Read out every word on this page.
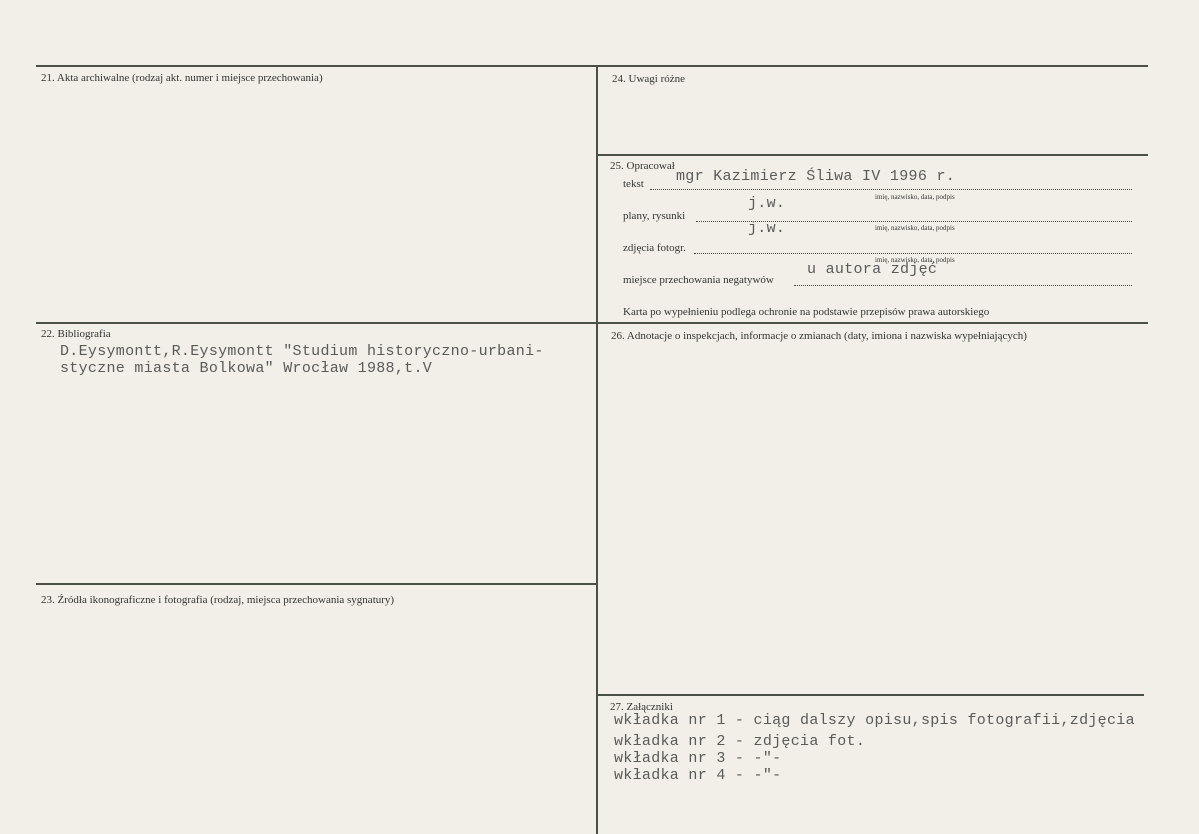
21. Akta archiwalne (rodzaj akt. numer i miejsce przechowania)	24. Uwagi różne
25. Opracował
tekst mgr Kazimierz Śliwa IV 1996 r.
imię, nazwisko, data, podpis
plany, rysunki
j.w.
imię, nazwisko, data, podpis
zdjęcia fotogr.
j.w.
imię, nazwisko, data, podpis
miejsce przechowania negatywów
u autora zdjęć
Karta po wypełnieniu podlega ochronie na podstawie przepisów prawa autorskiego
22. Bibliografia
D.Eysymontt,R.Eysymontt "Studium historyczno-urbani-
styczne miasta Bolkowa" Wrocław 1988,t.V
26. Adnotacje o inspekcjach, informacje o zmianach (daty, imiona i nazwiska wypełniających)
23. Źródła ikonograficzne i fotografia (rodzaj, miejsca przechowania sygnatury)
27. Załączniki
wkładka nr 1 - ciąg dalszy opisu,spis fotografii,zdjęcia
wkładka nr 2 - zdjęcia fot.
wkładka nr 3 - -"-
wkładka nr 4 - -"-
